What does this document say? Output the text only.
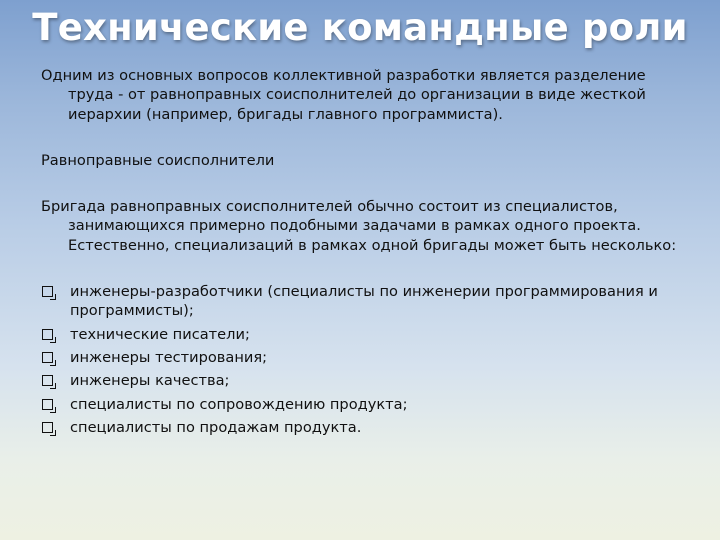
Технические командные роли

Одним из основных вопросов коллективной разработки является разделение труда - от равноправных соисполнителей до организации в виде жесткой иерархии (например, бригады главного программиста).

Равноправные соисполнители

Бригада равноправных соисполнителей обычно состоит из специалистов, занимающихся примерно подобными задачами в рамках одного проекта. Естественно, специализаций в рамках одной бригады может быть несколько:

инженеры-разработчики (специалисты по инженерии программирования и программисты);
технические писатели;
инженеры тестирования;
инженеры качества;
специалисты по сопровождению продукта;
специалисты по продажам продукта.
